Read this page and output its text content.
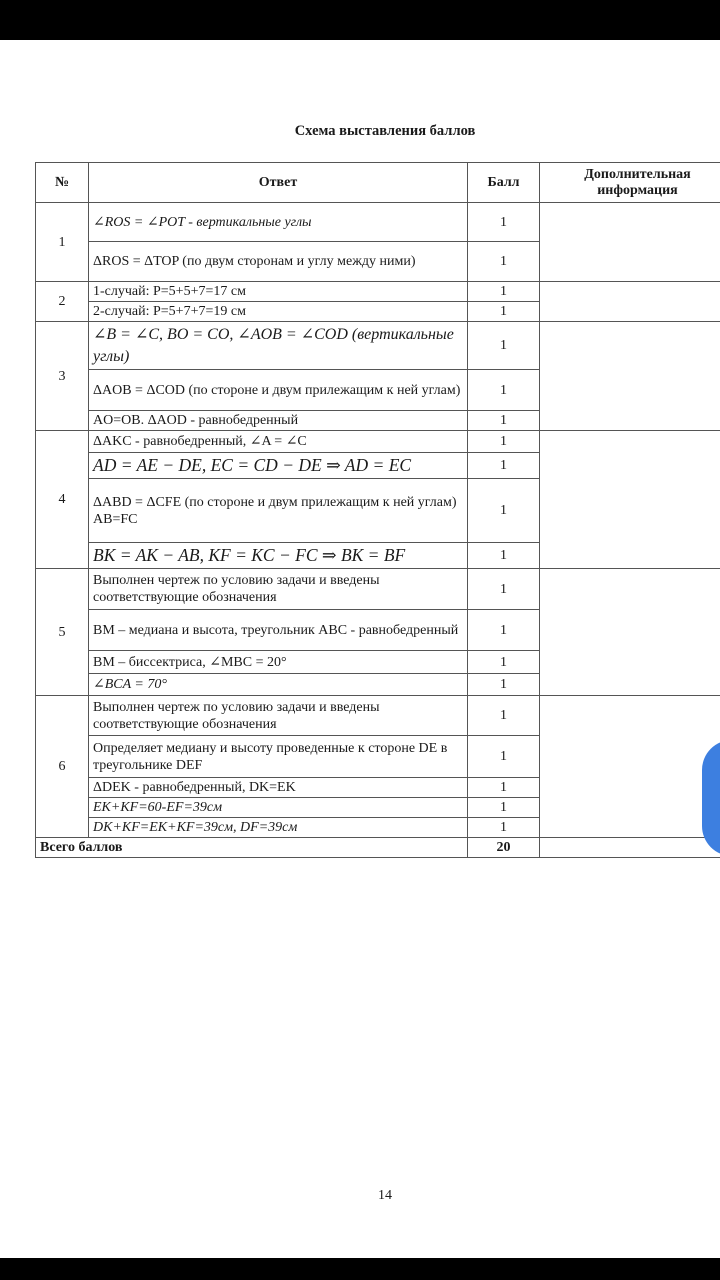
Схема выставления баллов
№	Ответ	Балл	Дополнительная информация
1	∠ROS = ∠POT - вертикальные углы	1	
	ΔROS = ΔTOP (по двум сторонам и углу между ними)	1	
2	1-случай: P=5+5+7=17 см	1	
	2-случай: P=5+7+7=19 см	1	
3	∠B = ∠C, BO = CO, ∠AOB = ∠COD (вертикальные углы)	1	
	ΔAOB = ΔCOD (по стороне и двум прилежащим к ней углам)	1	
	AO=OB. ΔAOD - равнобедренный	1	
4	ΔAKC - равнобедренный, ∠A = ∠C	1	
	AD = AE − DE, EC = CD − DE ⇒ AD = EC	1	
	ΔABD = ΔCFE (по стороне и двум прилежащим к ней углам) AB=FC	1	
	BK = AK − AB, KF = KC − FC ⇒ BK = BF	1	
5	Выполнен чертеж по условию задачи и введены соответствующие обозначения	1	
	BM – медиана и высота, треугольник ABC - равнобедренный	1	
	BM – биссектриса, ∠MBC = 20°	1	
	∠BCA = 70°	1	
6	Выполнен чертеж по условию задачи и введены соответствующие обозначения	1	
	Определяет медиану и высоту проведенные к стороне DE в треугольнике DEF	1	
	ΔDEK - равнобедренный, DK=EK	1	
	EK+KF=60-EF=39см	1	
	DK+KF=EK+KF=39см, DF=39см	1	
Всего баллов		20	
14
